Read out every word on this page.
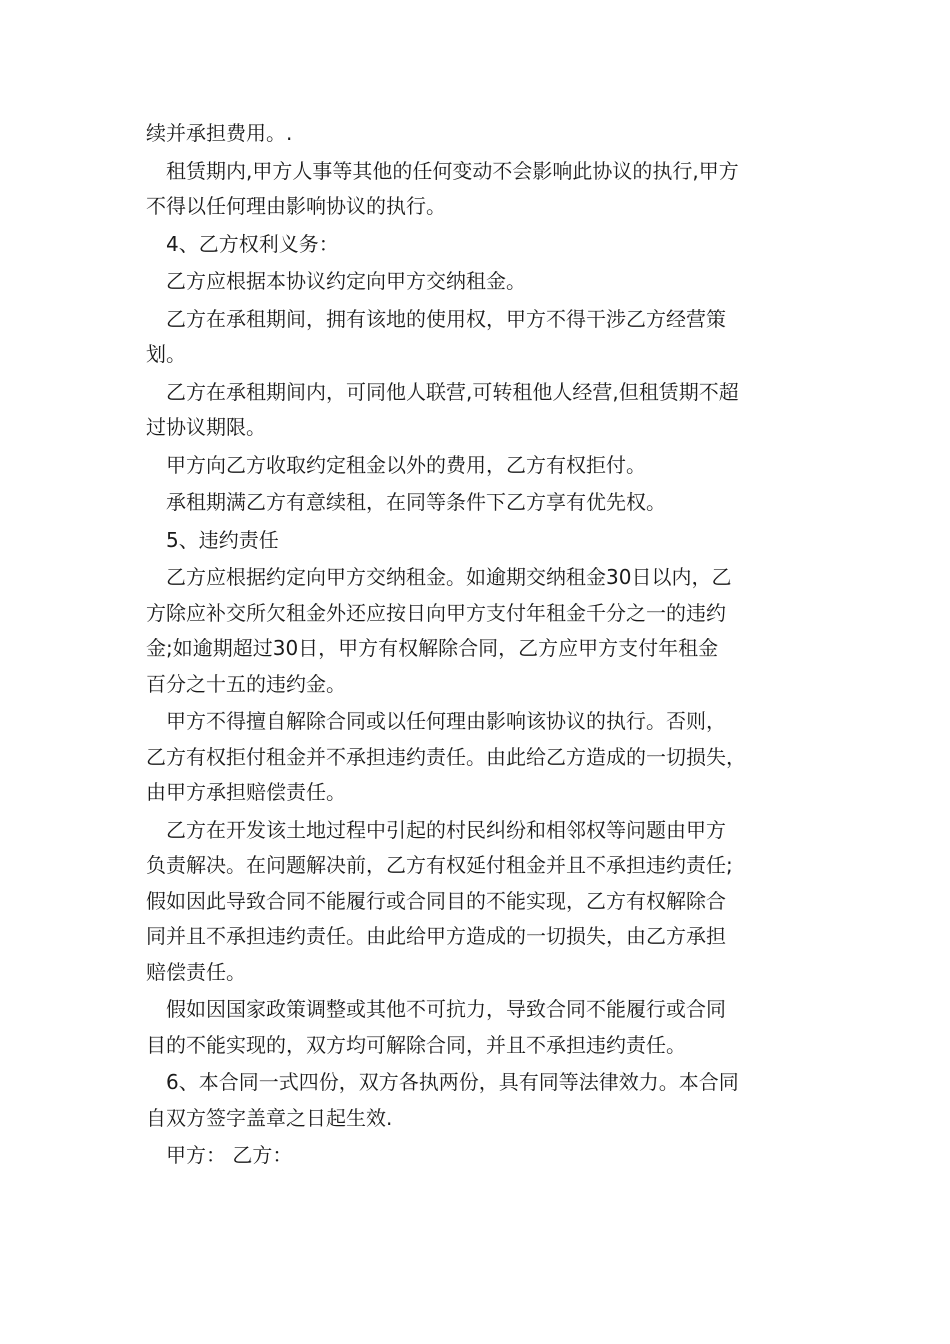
续并承担费用。.

租赁期内,甲方人事等其他的任何变动不会影响此协议的执行,甲方
不得以任何理由影响协议的执行。

4、乙方权利义务：

乙方应根据本协议约定向甲方交纳租金。

乙方在承租期间，拥有该地的使用权，甲方不得干涉乙方经营策
划。

乙方在承租期间内，可同他人联营,可转租他人经营,但租赁期不超
过协议期限。

甲方向乙方收取约定租金以外的费用，乙方有权拒付。

承租期满乙方有意续租，在同等条件下乙方享有优先权。

5、违约责任

乙方应根据约定向甲方交纳租金。如逾期交纳租金30日以内，乙
方除应补交所欠租金外还应按日向甲方支付年租金千分之一的违约
金;如逾期超过30日，甲方有权解除合同，乙方应甲方支付年租金
百分之十五的违约金。

甲方不得擅自解除合同或以任何理由影响该协议的执行。否则，
乙方有权拒付租金并不承担违约责任。由此给乙方造成的一切损失，
由甲方承担赔偿责任。

乙方在开发该土地过程中引起的村民纠纷和相邻权等问题由甲方
负责解决。在问题解决前，乙方有权延付租金并且不承担违约责任;
假如因此导致合同不能履行或合同目的不能实现，乙方有权解除合
同并且不承担违约责任。由此给甲方造成的一切损失，由乙方承担
赔偿责任。

假如因国家政策调整或其他不可抗力，导致合同不能履行或合同
目的不能实现的，双方均可解除合同，并且不承担违约责任。

6、本合同一式四份，双方各执两份，具有同等法律效力。本合同
自双方签字盖章之日起生效.

甲方： 乙方：
